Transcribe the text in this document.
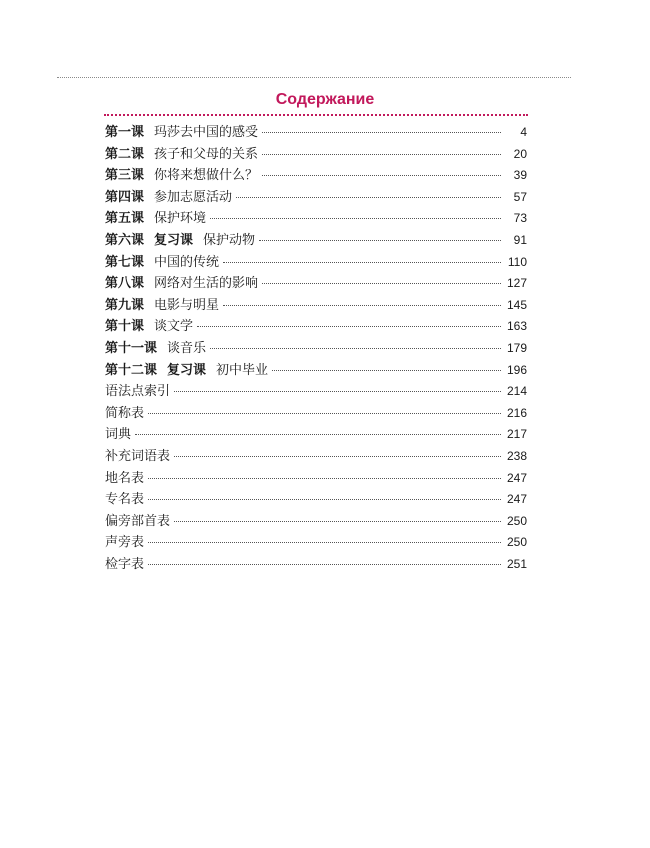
Содержание
第一课 玛莎去中国的感受	4
第二课 孩子和父母的关系	20
第三课 你将来想做什么？	39
第四课 参加志愿活动	57
第五课 保护环境	73
第六课 复习课 保护动物	91
第七课 中国的传统	110
第八课 网络对生活的影响	127
第九课 电影与明星	145
第十课 谈文学	163
第十一课 谈音乐	179
第十二课 复习课 初中毕业	196
语法点索引	214
简称表	216
词典	217
补充词语表	238
地名表	247
专名表	247
偏旁部首表	250
声旁表	250
检字表	251
